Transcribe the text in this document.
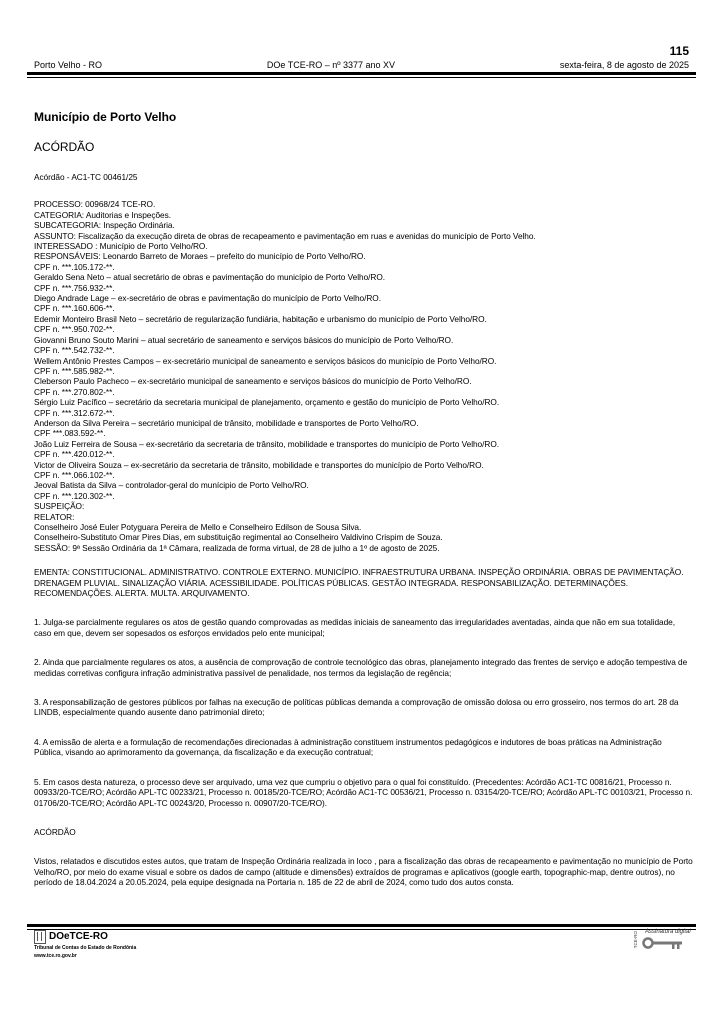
115
Porto Velho - RO	DOe TCE-RO – nº 3377 ano XV	sexta-feira, 8 de agosto de 2025
Município de Porto Velho
ACÓRDÃO
Acórdão - AC1-TC 00461/25
PROCESSO: 00968/24 TCE-RO.
CATEGORIA: Auditorias e Inspeções.
SUBCATEGORIA: Inspeção Ordinária.
ASSUNTO: Fiscalização da execução direta de obras de recapeamento e pavimentação em ruas e avenidas do município de Porto Velho.
INTERESSADO : Município de Porto Velho/RO.
RESPONSÁVEIS: Leonardo Barreto de Moraes – prefeito do município de Porto Velho/RO.
CPF n. ***.105.172-**.
Geraldo Sena Neto – atual secretário de obras e pavimentação do município de Porto Velho/RO.
CPF n. ***.756.932-**.
Diego Andrade Lage – ex-secretário de obras e pavimentação do município de Porto Velho/RO.
CPF n. ***.160.606-**.
Edemir Monteiro Brasil Neto – secretário de regularização fundiária, habitação e urbanismo do município de Porto Velho/RO.
CPF n. ***.950.702-**.
Giovanni Bruno Souto Marini – atual secretário de saneamento e serviços básicos do município de Porto Velho/RO.
CPF n. ***.542.732-**.
Wellem Antônio Prestes Campos – ex-secretário municipal de saneamento e serviços básicos do município de Porto Velho/RO.
CPF n. ***.585.982-**.
Cleberson Paulo Pacheco – ex-secretário municipal de saneamento e serviços básicos do município de Porto Velho/RO.
CPF n. ***.270.802-**.
Sérgio Luiz Pacífico – secretário da secretaria municipal de planejamento, orçamento e gestão do município de Porto Velho/RO.
CPF n. ***.312.672-**.
Anderson da Silva Pereira – secretário municipal de trânsito, mobilidade e transportes de Porto Velho/RO.
CPF ***.083.592-**.
João Luiz Ferreira de Sousa – ex-secretário da secretaria de trânsito, mobilidade e transportes do município de Porto Velho/RO.
CPF n. ***.420.012-**.
Victor de Oliveira Souza – ex-secretário da secretaria de trânsito, mobilidade e transportes do município de Porto Velho/RO.
CPF n. ***.066.102-**.
Jeoval Batista da Silva – controlador-geral do munícipio de Porto Velho/RO.
CPF n. ***.120.302-**.
SUSPEIÇÃO:
RELATOR:
Conselheiro José Euler Potyguara Pereira de Mello e Conselheiro Edilson de Sousa Silva.
Conselheiro-Substituto Omar Pires Dias, em substituição regimental ao Conselheiro Valdivino Crispim de Souza.
SESSÃO: 9ª Sessão Ordinária da 1ª Câmara, realizada de forma virtual, de 28 de julho a 1º de agosto de 2025.
EMENTA: CONSTITUCIONAL. ADMINISTRATIVO. CONTROLE EXTERNO. MUNICÍPIO. INFRAESTRUTURA URBANA. INSPEÇÃO ORDINÁRIA. OBRAS DE PAVIMENTAÇÃO. DRENAGEM PLUVIAL. SINALIZAÇÃO VIÁRIA. ACESSIBILIDADE. POLÍTICAS PÚBLICAS. GESTÃO INTEGRADA. RESPONSABILIZAÇÃO. DETERMINAÇÕES. RECOMENDAÇÕES. ALERTA. MULTA. ARQUIVAMENTO.
1. Julga-se parcialmente regulares os atos de gestão quando comprovadas as medidas iniciais de saneamento das irregularidades aventadas, ainda que não em sua totalidade, caso em que, devem ser sopesados os esforços envidados pelo ente municipal;
2. Ainda que parcialmente regulares os atos, a ausência de comprovação de controle tecnológico das obras, planejamento integrado das frentes de serviço e adoção tempestiva de medidas corretivas configura infração administrativa passível de penalidade, nos termos da legislação de regência;
3. A responsabilização de gestores públicos por falhas na execução de políticas públicas demanda a comprovação de omissão dolosa ou erro grosseiro, nos termos do art. 28 da LINDB, especialmente quando ausente dano patrimonial direto;
4. A emissão de alerta e a formulação de recomendações direcionadas à administração constituem instrumentos pedagógicos e indutores de boas práticas na Administração Pública, visando ao aprimoramento da governança, da fiscalização e da execução contratual;
5. Em casos desta natureza, o processo deve ser arquivado, uma vez que cumpriu o objetivo para o qual foi constituído. (Precedentes: Acórdão AC1-TC 00816/21, Processo n. 00933/20-TCE/RO; Acórdão APL-TC 00233/21, Processo n. 00185/20-TCE/RO; Acórdão AC1-TC 00536/21, Processo n. 03154/20-TCE/RO; Acórdão APL-TC 00103/21, Processo n. 01706/20-TCE/RO; Acórdão APL-TC 00243/20, Processo n. 00907/20-TCE/RO).
ACÓRDÃO
Vistos, relatados e discutidos estes autos, que tratam de Inspeção Ordinária realizada in loco , para a fiscalização das obras de recapeamento e pavimentação no município de Porto Velho/RO, por meio do exame visual e sobre os dados de campo (altitude e dimensões) extraídos de programas e aplicativos (google earth, topographic-map, dentre outros), no período de 18.04.2024 a 20.05.2024, pela equipe designada na Portaria n. 185 de 22 de abril de 2024, como tudo dos autos consta.
DOeTCE-RO
Tribunal de Contas do Estado de Rondônia
www.tce.ro.gov.br
TCE-RO Assinatura digital
